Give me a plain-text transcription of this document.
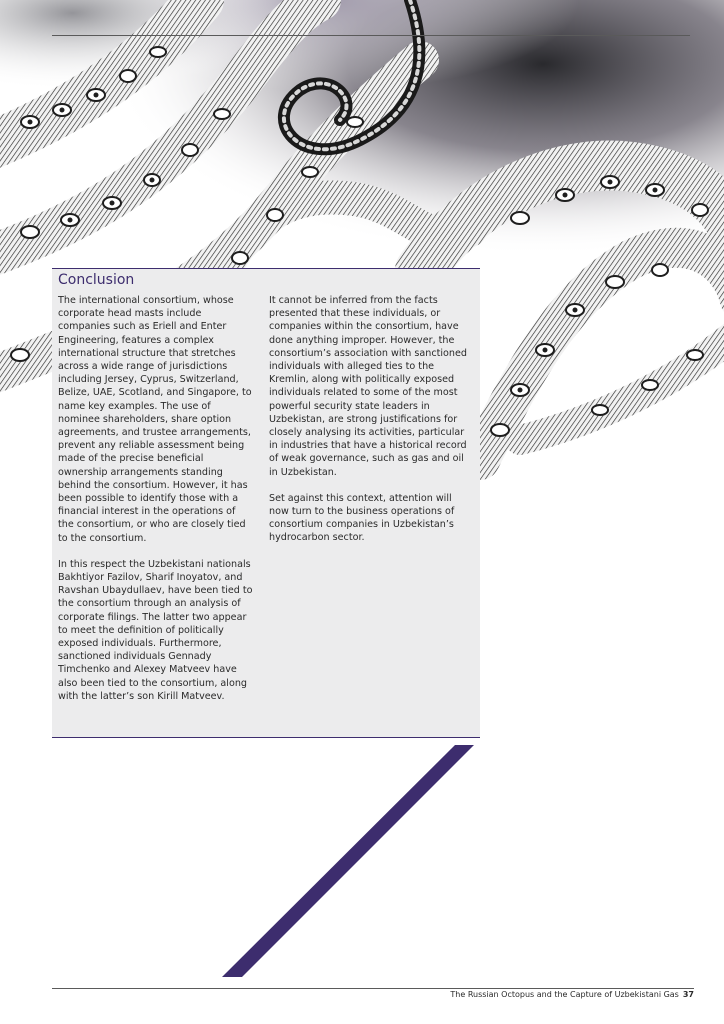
Conclusion

The international consortium, whose corporate head masts include companies such as Eriell and Enter Engineering, features a complex international structure that stretches across a wide range of jurisdictions including Jersey, Cyprus, Switzerland, Belize, UAE, Scotland, and Singapore, to name key examples. The use of nominee shareholders, share option agreements, and trustee arrangements, prevent any reliable assessment being made of the precise beneficial ownership arrangements standing behind the consortium. However, it has been possible to identify those with a financial interest in the operations of the consortium, or who are closely tied to the consortium.

In this respect the Uzbekistani nationals Bakhtiyor Fazilov, Sharif Inoyatov, and Ravshan Ubaydullaev, have been tied to the consortium through an analysis of corporate filings. The latter two appear to meet the definition of politically exposed individuals. Furthermore, sanctioned individuals Gennady Timchenko and Alexey Matveev have also been tied to the consortium, along with the latter’s son Kirill Matveev.

It cannot be inferred from the facts presented that these individuals, or companies within the consortium, have done anything improper. However, the consortium’s association with sanctioned individuals with alleged ties to the Kremlin, along with politically exposed individuals related to some of the most powerful security state leaders in Uzbekistan, are strong justifications for closely analysing its activities, particular in industries that have a historical record of weak governance, such as gas and oil in Uzbekistan.

Set against this context, attention will now turn to the business operations of consortium companies in Uzbekistan’s hydrocarbon sector.

The Russian Octopus and the Capture of Uzbekistani Gas 37
